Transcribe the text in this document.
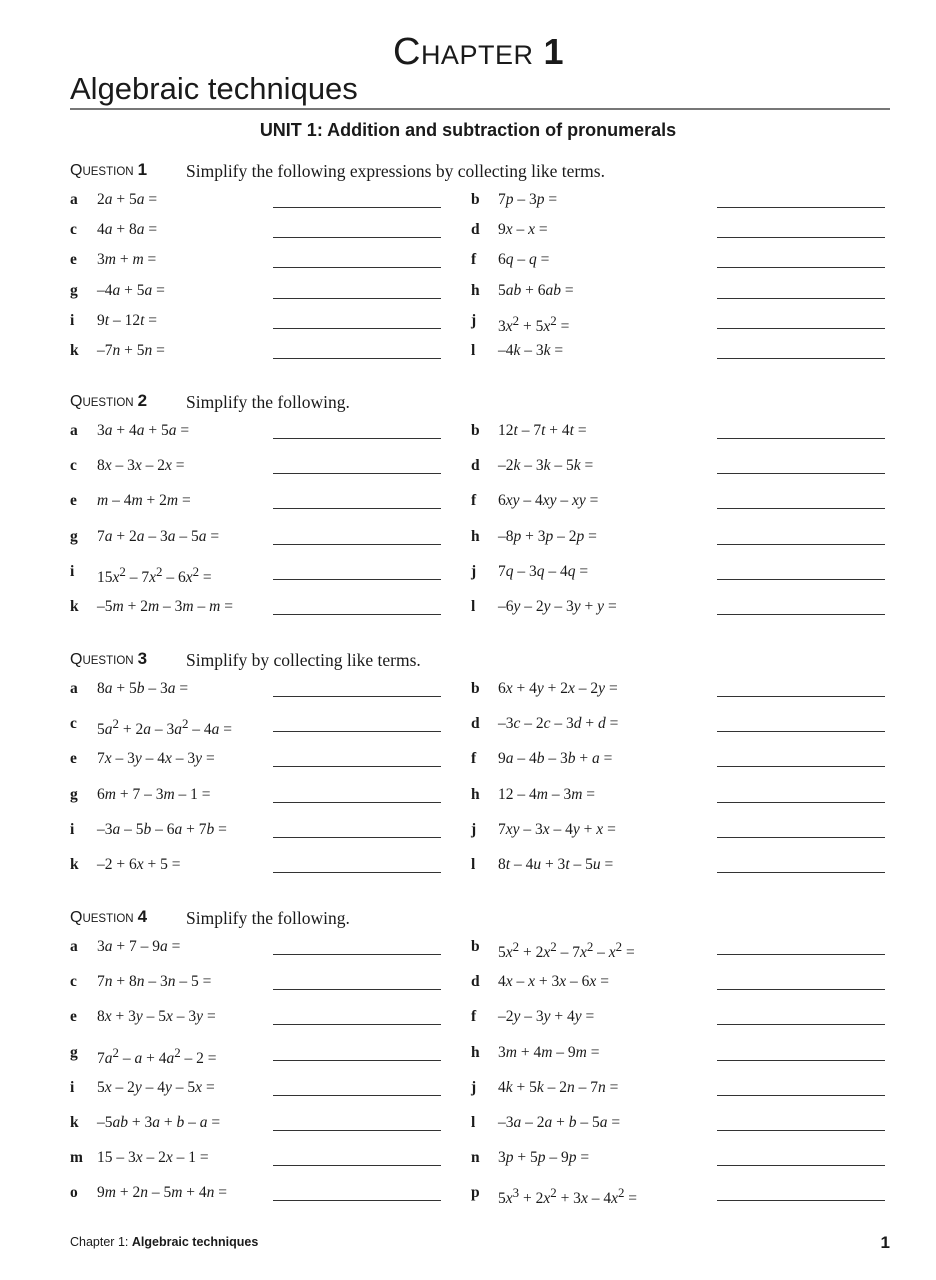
CHAPTER 1
Algebraic techniques
UNIT 1: Addition and subtraction of pronumerals
QUESTION 1 Simplify the following expressions by collecting like terms.
a 2a + 5a =	b 7p – 3p =
c 4a + 8a =	d 9x – x =
e 3m + m =	f 6q – q =
g –4a + 5a =	h 5ab + 6ab =
i 9t – 12t =	j $3x^2 + 5x^2$ =
k –7n + 5n =	l –4k – 3k =
QUESTION 2 Simplify the following.
a 3a + 4a + 5a =	b 12t – 7t + 4t =
c 8x – 3x – 2x =	d –2k – 3k – 5k =
e m – 4m + 2m =	f 6xy – 4xy – xy =
g 7a + 2a – 3a – 5a =	h –8p + 3p – 2p =
i $15x^2 - 7x^2 - 6x^2$ =	j 7q – 3q – 4q =
k –5m + 2m – 3m – m =	l –6y – 2y – 3y + y =
QUESTION 3 Simplify by collecting like terms.
a 8a + 5b – 3a =	b 6x + 4y + 2x – 2y =
c $5a^2 + 2a - 3a^2 - 4a$ =	d –3c – 2c – 3d + d =
e 7x – 3y – 4x – 3y =	f 9a – 4b – 3b + a =
g 6m + 7 – 3m – 1 =	h 12 – 4m – 3m =
i –3a – 5b – 6a + 7b =	j 7xy – 3x – 4y + x =
k –2 + 6x + 5 =	l 8t – 4u + 3t – 5u =
QUESTION 4 Simplify the following.
a 3a + 7 – 9a =	b $5x^2 + 2x^2 - 7x^2 - x^2$ =
c 7n + 8n – 3n – 5 =	d 4x – x + 3x – 6x =
e 8x + 3y – 5x – 3y =	f –2y – 3y + 4y =
g $7a^2 - a + 4a^2 - 2$ =	h 3m + 4m – 9m =
i 5x – 2y – 4y – 5x =	j 4k + 5k – 2n – 7n =
k –5ab + 3a + b – a =	l –3a – 2a + b – 5a =
m 15 – 3x – 2x – 1 =	n 3p + 5p – 9p =
o 9m + 2n – 5m + 4n =	p $5x^3 + 2x^2 + 3x - 4x^2$ =
Chapter 1: Algebraic techniques	1
